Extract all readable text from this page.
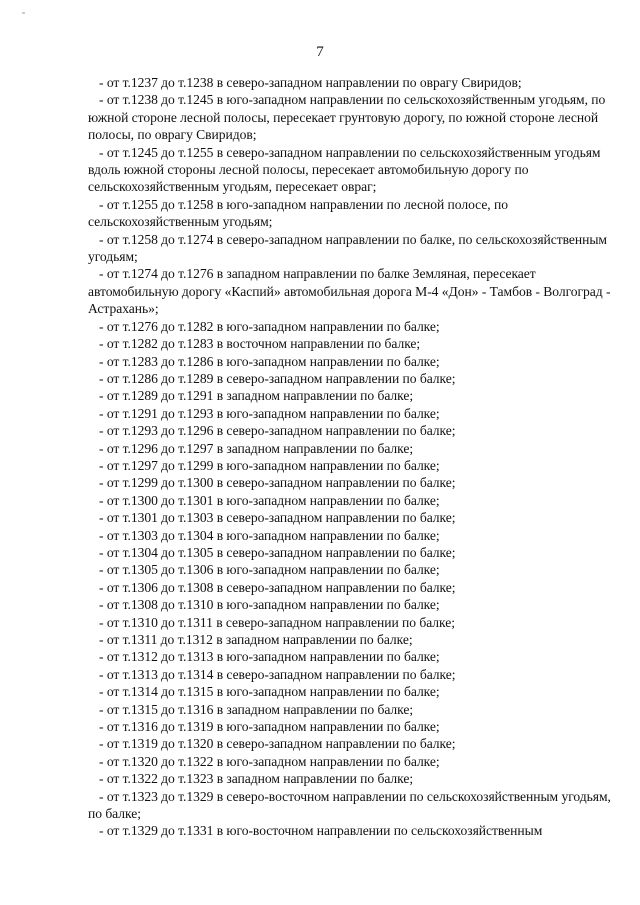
7

- от т.1237 до т.1238 в северо-западном направлении по оврагу Свиридов;

- от т.1238 до т.1245 в юго-западном направлении по сельскохозяйственным угодьям, по южной стороне лесной полосы, пересекает грунтовую дорогу, по южной стороне лесной полосы, по оврагу Свиридов;

- от т.1245 до т.1255 в северо-западном направлении по сельскохозяйственным угодьям вдоль южной стороны лесной полосы, пересекает автомобильную дорогу по сельскохозяйственным угодьям, пересекает овраг;

- от т.1255 до т.1258 в юго-западном направлении по лесной полосе, по сельскохозяйственным угодьям;

- от т.1258 до т.1274 в северо-западном направлении по балке, по сельскохозяйственным угодьям;

- от т.1274 до т.1276 в западном направлении по балке Земляная, пересекает автомобильную дорогу «Каспий» автомобильная дорога М-4 «Дон» - Тамбов - Волгоград - Астрахань»;

- от т.1276 до т.1282 в юго-западном направлении по балке;
- от т.1282 до т.1283 в восточном направлении по балке;
- от т.1283 до т.1286 в юго-западном направлении по балке;
- от т.1286 до т.1289 в северо-западном направлении по балке;
- от т.1289 до т.1291 в западном направлении по балке;
- от т.1291 до т.1293 в юго-западном направлении по балке;
- от т.1293 до т.1296 в северо-западном направлении по балке;
- от т.1296 до т.1297 в западном направлении по балке;
- от т.1297 до т.1299 в юго-западном направлении по балке;
- от т.1299 до т.1300 в северо-западном направлении по балке;
- от т.1300 до т.1301 в юго-западном направлении по балке;
- от т.1301 до т.1303 в северо-западном направлении по балке;
- от т.1303 до т.1304 в юго-западном направлении по балке;
- от т.1304 до т.1305 в северо-западном направлении по балке;
- от т.1305 до т.1306 в юго-западном направлении по балке;
- от т.1306 до т.1308 в северо-западном направлении по балке;
- от т.1308 до т.1310 в юго-западном направлении по балке;
- от т.1310 до т.1311 в северо-западном направлении по балке;
- от т.1311 до т.1312 в западном направлении по балке;
- от т.1312 до т.1313 в юго-западном направлении по балке;
- от т.1313 до т.1314 в северо-западном направлении по балке;
- от т.1314 до т.1315 в юго-западном направлении по балке;
- от т.1315 до т.1316 в западном направлении по балке;
- от т.1316 до т.1319 в юго-западном направлении по балке;
- от т.1319 до т.1320 в северо-западном направлении по балке;
- от т.1320 до т.1322 в юго-западном направлении по балке;
- от т.1322 до т.1323 в западном направлении по балке;

- от т.1323 до т.1329 в северо-восточном направлении по сельскохозяйственным угодьям, по балке;

- от т.1329 до т.1331 в юго-восточном направлении по сельскохозяйственным
